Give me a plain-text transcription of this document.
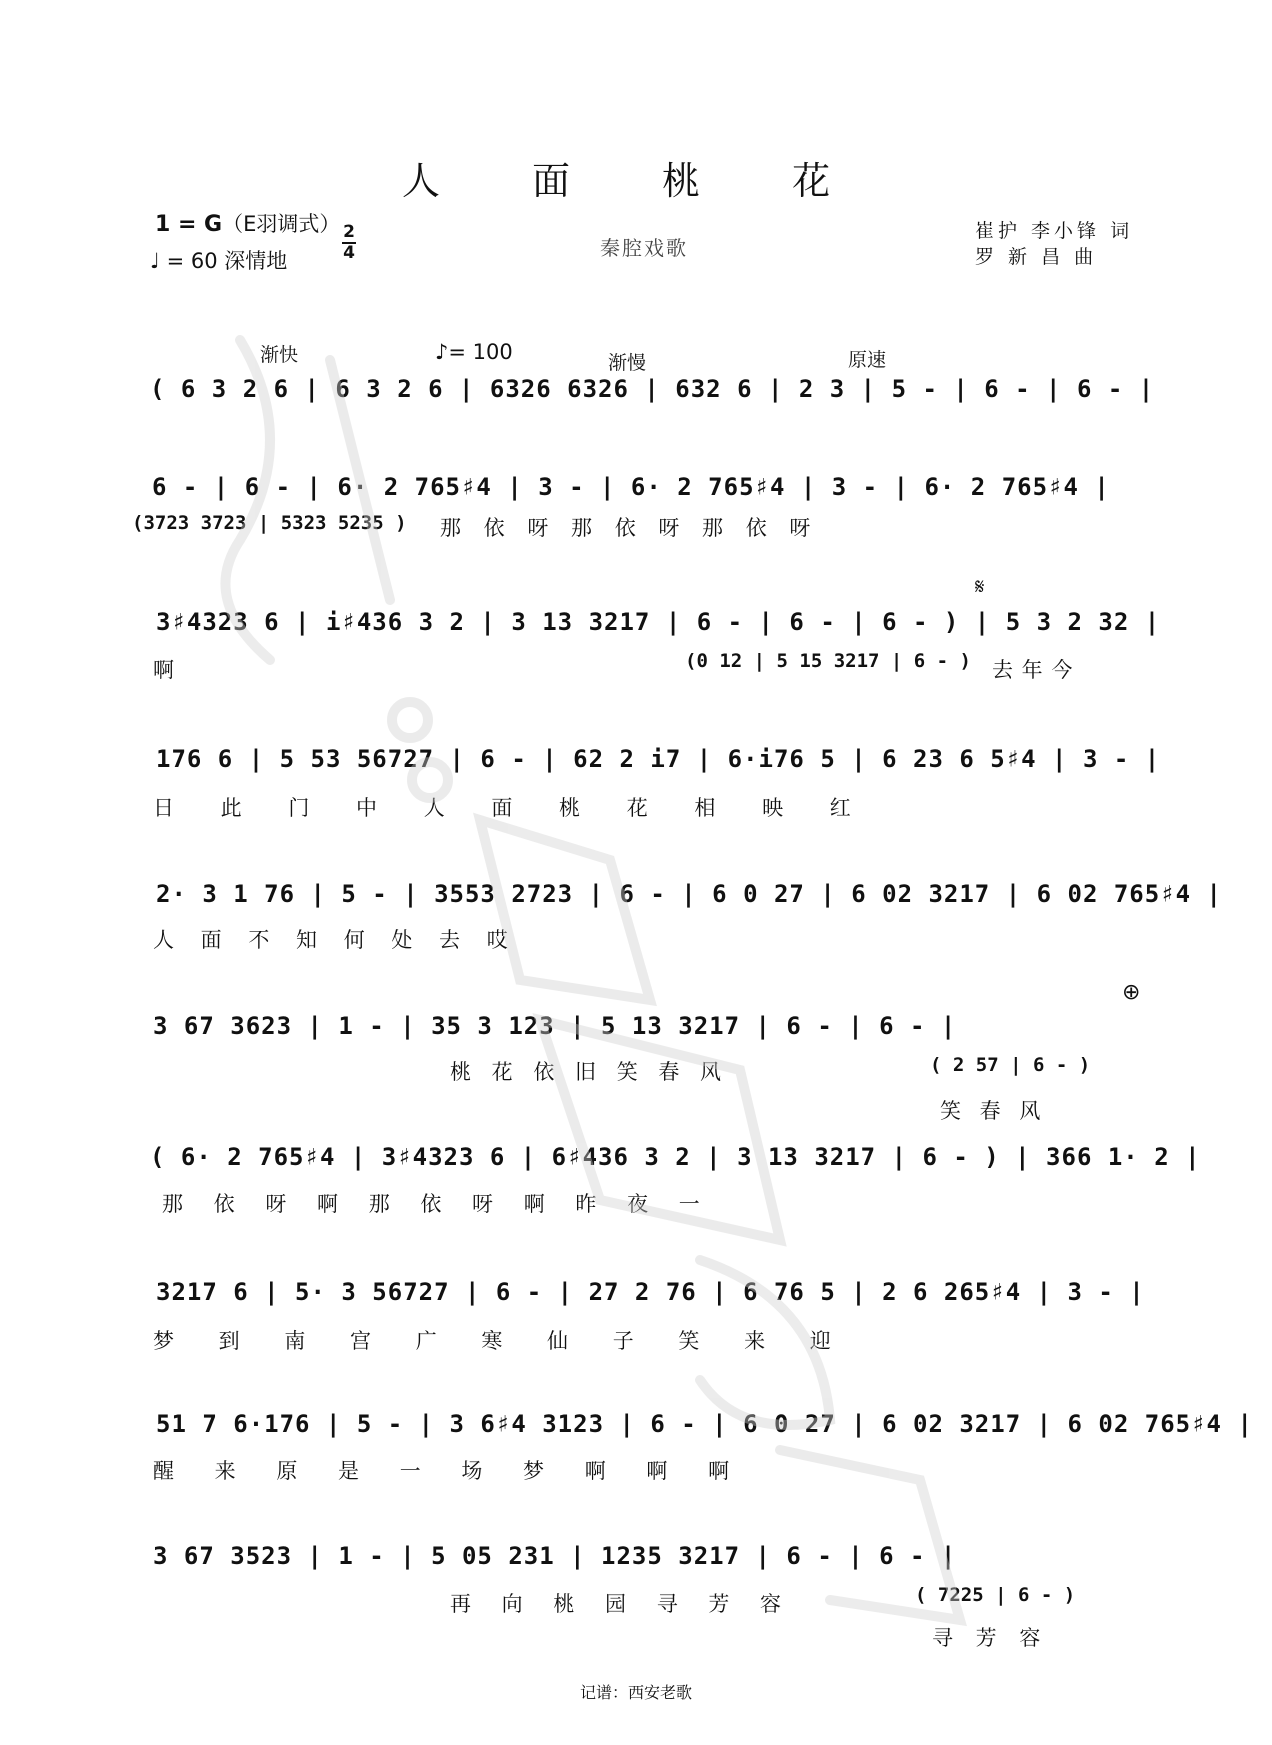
人 面 桃 花
1 = G（E羽调式） 2
4
♩ = 60 深情地
秦腔戏歌
崔护 李小锋 词
罗 新 昌 曲
渐快	♪= 100	渐慢	原速
𝄋
⊕
( 6 3 2 6 | 6 3 2 6 | 6326 6326 | 632 6 | 2 3 | 5 - | 6 - | 6 - |
6 - | 6 - | 6· 2 765♯4 | 3 - | 6· 2 765♯4 | 3 - | 6· 2 765♯4 |
(3723 3723 | 5323 5235 ) 那 依 呀 那 依 呀 那 依 呀
3♯4323 6 | i♯436 3 2 | 3 13 3217 | 6 - | 6 - | 6 - ) | 5 3 2 32 |
(0 12 | 5 15 3217 | 6 - )
啊	去 年 今
176 6 | 5 53 56727 | 6 - | 62 2 i7 | 6·i76 5 | 6 23 6 5♯4 | 3 - |
日 此 门 中 人 面 桃 花 相 映 红
2· 3 1 76 | 5 - | 3553 2723 | 6 - | 6 0 27 | 6 02 3217 | 6 02 765♯4 |
人 面 不 知 何 处 去 哎
3 67 3623 | 1 - | 35 3 123 | 5 13 3217 | 6 - | 6 - |
( 2 57 | 6 - )
桃 花 依 旧 笑 春 风
笑 春 风
( 6· 2 765♯4 | 3♯4323 6 | 6♯436 3 2 | 3 13 3217 | 6 - ) | 366 1· 2 |
那 依 呀 啊 那 依 呀 啊 昨 夜 一
3217 6 | 5· 3 56727 | 6 - | 27 2 76 | 6 76 5 | 2 6 265♯4 | 3 - |
梦 到 南 宫 广 寒 仙 子 笑 来 迎
51 7 6·176 | 5 - | 3 6♯4 3123 | 6 - | 6 0 27 | 6 02 3217 | 6 02 765♯4 |
醒 来 原 是 一 场 梦 啊 啊 啊
3 67 3523 | 1 - | 5 05 231 | 1235 3217 | 6 - | 6 - |
( 7225 | 6 - )
再 向 桃 园 寻 芳 容
寻 芳 容
记谱：西安老歌
